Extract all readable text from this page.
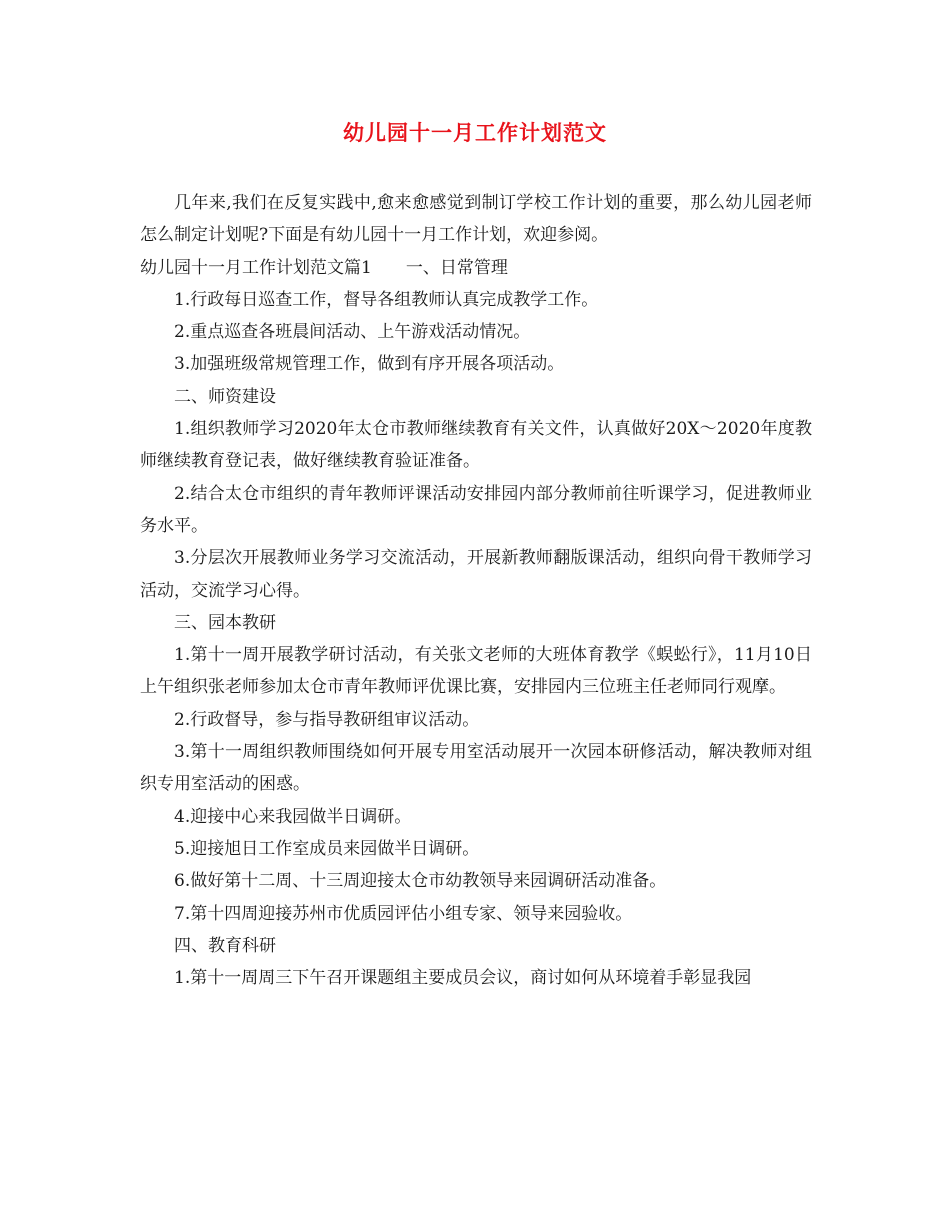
幼儿园十一月工作计划范文

几年来,我们在反复实践中,愈来愈感觉到制订学校工作计划的重要，那么幼儿园老师怎么制定计划呢?下面是有幼儿园十一月工作计划，欢迎参阅。

幼儿园十一月工作计划范文篇1　　一、日常管理

1.行政每日巡查工作，督导各组教师认真完成教学工作。

2.重点巡查各班晨间活动、上午游戏活动情况。

3.加强班级常规管理工作，做到有序开展各项活动。

二、师资建设

1.组织教师学习2020年太仓市教师继续教育有关文件，认真做好20X～2020年度教师继续教育登记表，做好继续教育验证准备。

2.结合太仓市组织的青年教师评课活动安排园内部分教师前往听课学习，促进教师业务水平。

3.分层次开展教师业务学习交流活动，开展新教师翻版课活动，组织向骨干教师学习活动，交流学习心得。

三、园本教研

1.第十一周开展教学研讨活动，有关张文老师的大班体育教学《蜈蚣行》，11月10日上午组织张老师参加太仓市青年教师评优课比赛，安排园内三位班主任老师同行观摩。

2.行政督导，参与指导教研组审议活动。

3.第十一周组织教师围绕如何开展专用室活动展开一次园本研修活动，解决教师对组织专用室活动的困惑。

4.迎接中心来我园做半日调研。

5.迎接旭日工作室成员来园做半日调研。

6.做好第十二周、十三周迎接太仓市幼教领导来园调研活动准备。

7.第十四周迎接苏州市优质园评估小组专家、领导来园验收。

四、教育科研

1.第十一周周三下午召开课题组主要成员会议，商讨如何从环境着手彰显我园
